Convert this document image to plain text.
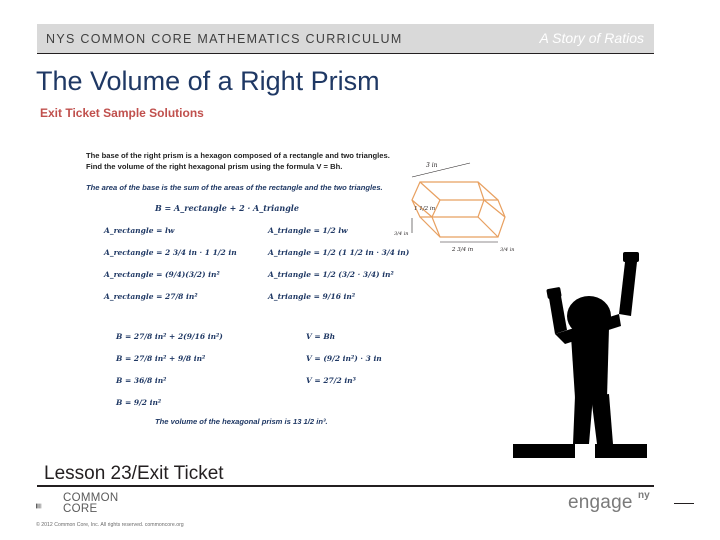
NYS COMMON CORE MATHEMATICS CURRICULUM	A Story of Ratios
The Volume of a Right Prism
Exit Ticket Sample Solutions
The base of the right prism is a hexagon composed of a rectangle and two triangles.
Find the volume of the right hexagonal prism using the formula V = Bh.
The area of the base is the sum of the areas of the rectangle and the two triangles.
B = A_rectangle + 2 · A_triangle
A_rectangle = lw
A_rectangle = 2 3/4 in · 1 1/2 in
A_rectangle = (9/4)(3/2) in²
A_rectangle = 27/8 in²
A_triangle = 1/2 lw
A_triangle = 1/2 (1 1/2 in · 3/4 in)
A_triangle = 1/2 (3/2 · 3/4) in²
A_triangle = 9/16 in²
B = 27/8 in² + 2(9/16 in²)
B = 27/8 in² + 9/8 in²
B = 36/8 in²
B = 9/2 in²
V = Bh
V = (9/2 in²) · 3 in
V = 27/2 in³
The volume of the hexagonal prism is 13 1/2 in³.
3 in
1 1/2 in
3/4 in
2 3/4 in	3/4 in
Lesson 23/Exit Ticket
COMMON
CORE
© 2012 Common Core, Inc. All rights reserved. commoncore.org
engage ny
